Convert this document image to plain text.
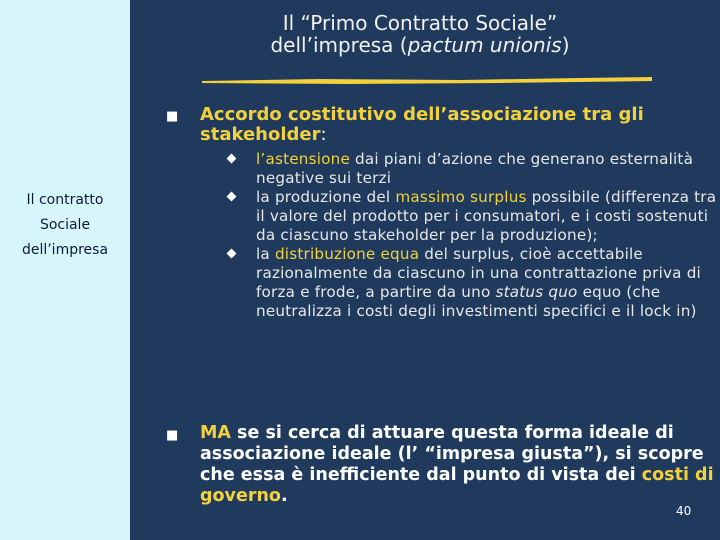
Il contratto
Sociale
dell’impresa
Il “Primo Contratto Sociale”
dell’impresa (pactum unionis)
■ Accordo costitutivo dell’associazione tra gli stakeholder:
l’astensione dai piani d’azione che generano esternalità negative sui terzi
la produzione del massimo surplus possibile (differenza tra il valore del prodotto per i consumatori, e i costi sostenuti da ciascuno stakeholder per la produzione);
la distribuzione equa del surplus, cioè accettabile razionalmente da ciascuno in una contrattazione priva di forza e frode, a partire da uno status quo equo (che neutralizza i costi degli investimenti specifici e il lock in)
■ MA se si cerca di attuare questa forma ideale di associazione ideale (l’ “impresa giusta”), si scopre che essa è inefficiente dal punto di vista dei costi di governo.
40
